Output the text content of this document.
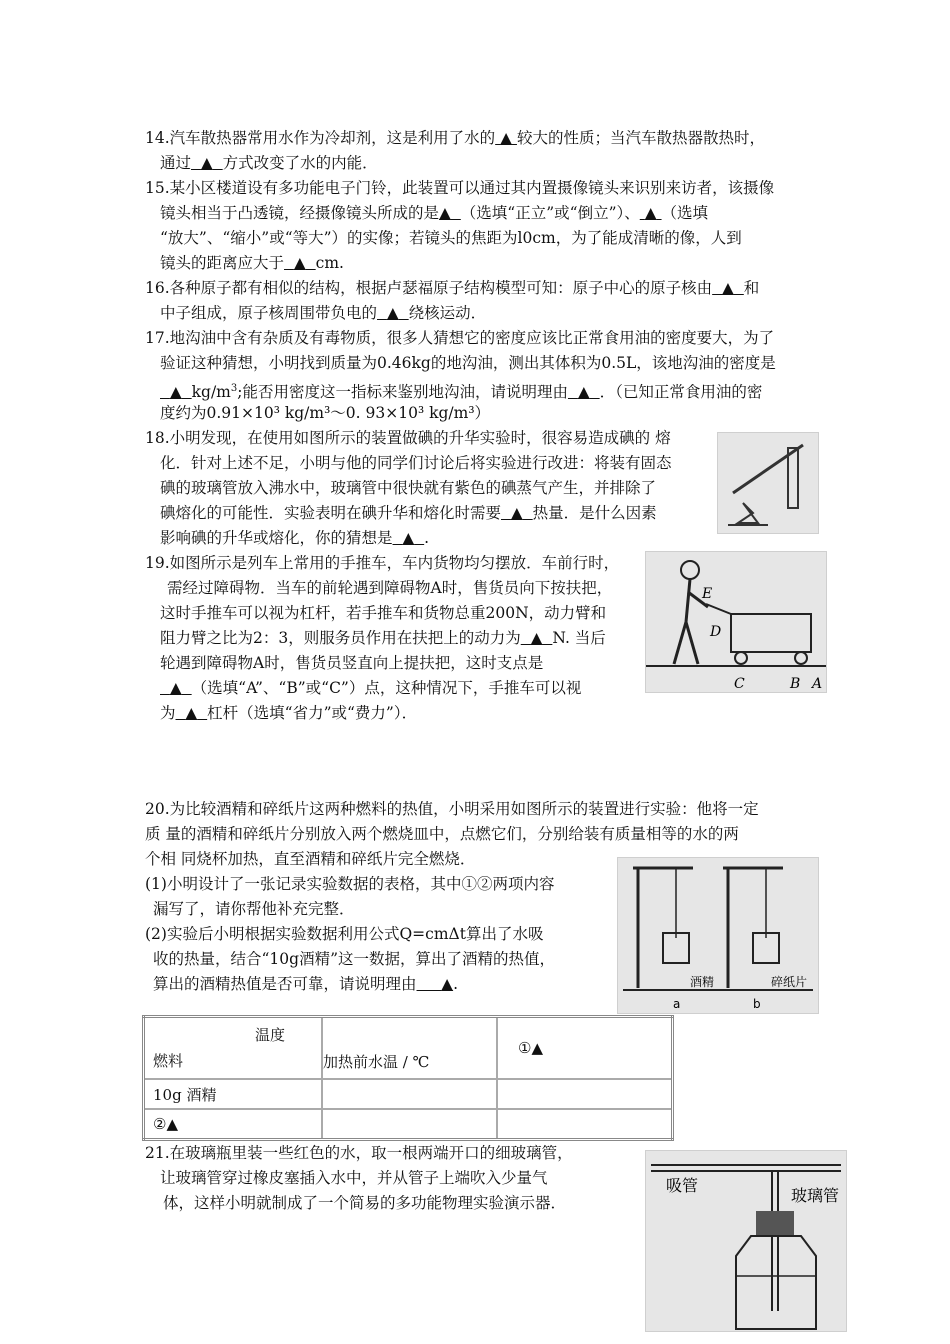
14.汽车散热器常用水作为冷却剂，这是利用了水的 ▲ 较大的性质；当汽车散热器散热时，
通过 ▲ 方式改变了水的内能．
15.某小区楼道设有多功能电子门铃，此装置可以通过其内置摄像镜头来识别来访者，该摄像
镜头相当于凸透镜，经摄像镜头所成的是▲ （选填“正立”或“倒立”）、 ▲ （选填
“放大”、“缩小”或“等大”）的实像；若镜头的焦距为l0cm，为了能成清晰的像，人到
镜头的距离应大于 ▲ cm.
16.各种原子都有相似的结构，根据卢瑟福原子结构模型可知：原子中心的原子核由 ▲ 和
中子组成，原子核周围带负电的 ▲ 绕核运动．
17.地沟油中含有杂质及有毒物质，很多人猜想它的密度应该比正常食用油的密度要大，为了
验证这种猜想，小明找到质量为0.46kg的地沟油，测出其体积为0.5L，该地沟油的密度是
▲ $kg/m^3$;能否用密度这一指标来鉴别地沟油，请说明理由 ▲ ．（已知正常食用油的密
度约为0.91×10³ kg/m³～0. 93×10³ kg/m³）
18.小明发现，在使用如图所示的装置做碘的升华实验时，很容易造成碘的 熔
化．针对上述不足，小明与他的同学们讨论后将实验进行改进：将装有固态
碘的玻璃管放入沸水中，玻璃管中很快就有紫色的碘蒸气产生，并排除了
碘熔化的可能性．实验表明在碘升华和熔化时需要 ▲ 热量．是什么因素
影响碘的升华或熔化，你的猜想是 ▲ .
19.如图所示是列车上常用的手推车，车内货物均匀摆放．车前行时，
需经过障碍物．当车的前轮遇到障碍物A时，售货员向下按扶把，
这时手推车可以视为杠杆，若手推车和货物总重200N，动力臂和
阻力臂之比为2：3，则服务员作用在扶把上的动力为 ▲ N. 当后
轮遇到障碍物A时，售货员竖直向上提扶把，这时支点是
▲ （选填“A”、“B”或“C”）点，这种情况下，手推车可以视
为 ▲ 杠杆（选填“省力”或“费力”）．
E
D
C	B A
20.为比较酒精和碎纸片这两种燃料的热值，小明采用如图所示的装置进行实验：他将一定
质 量的酒精和碎纸片分别放入两个燃烧皿中，点燃它们，分别给装有质量相等的水的两
个相 同烧杯加热，直至酒精和碎纸片完全燃烧．
(1)小明设计了一张记录实验数据的表格，其中①②两项内容
漏写了，请你帮他补充完整．
(2)实验后小明根据实验数据利用公式Q=cmΔt算出了水吸
收的热量，结合“10g酒精”这一数据，算出了酒精的热值，
算出的酒精热值是否可靠，请说明理由 ▲.	酒精	碎纸片
a	b
温度
燃料	加热前水温 / ℃	①▲
10g 酒精		
②▲		
21.在玻璃瓶里装一些红色的水，取一根两端开口的细玻璃管，
让玻璃管穿过橡皮塞插入水中，并从管子上端吹入少量气
体，这样小明就制成了一个简易的多功能物理实验演示器．
吸管
玻璃管
